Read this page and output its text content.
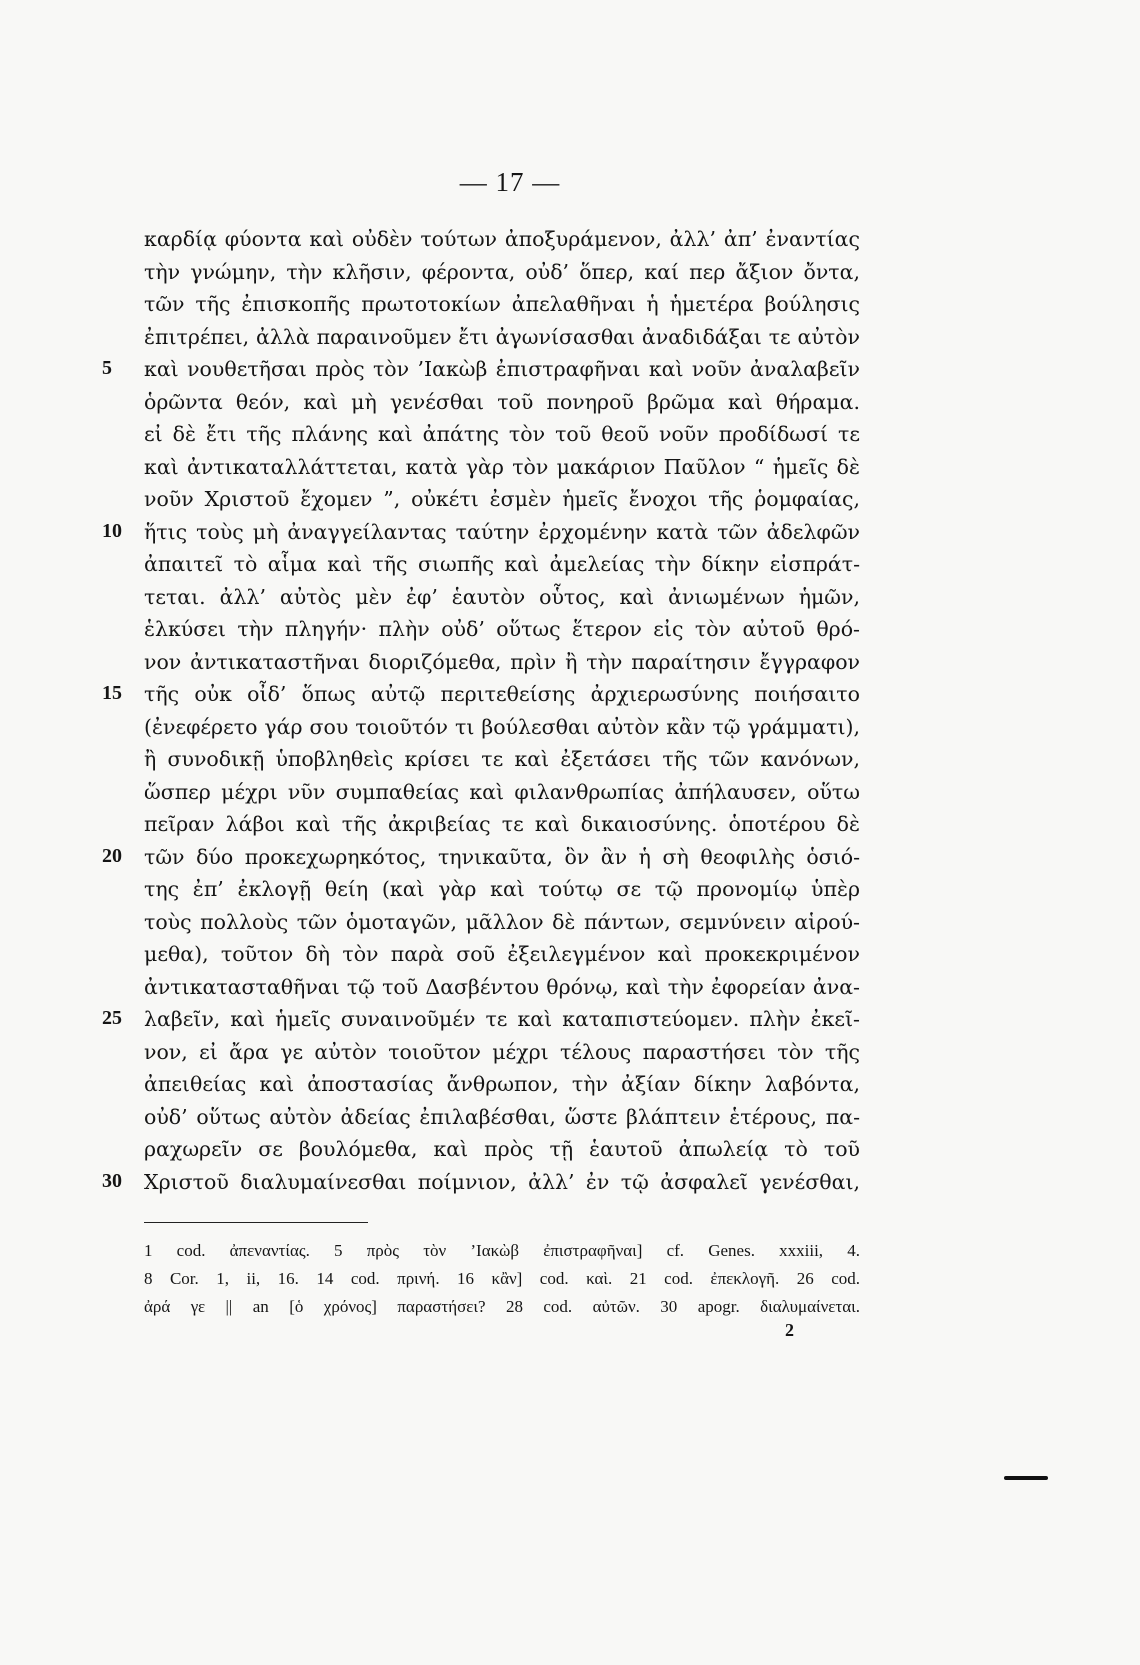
— 17 —
καρδίᾳ φύοντα καὶ οὐδὲν τούτων ἀποξυράμενον, ἀλλ’ ἀπ’ ἐναντίας
τὴν γνώμην, τὴν κλῆσιν, φέροντα, οὐδ’ ὅπερ, καί περ ἄξιον ὄντα,
τῶν τῆς ἐπισκοπῆς πρωτοτοκίων ἀπελαθῆναι ἡ ἡμετέρα βούλησις
ἐπιτρέπει, ἀλλὰ παραινοῦμεν ἔτι ἀγωνίσασθαι ἀναδιδάξαι τε αὐτὸν
5 καὶ νουθετῆσαι πρὸς τὸν ’Ιακὼβ ἐπιστραφῆναι καὶ νοῦν ἀναλαβεῖν
ὁρῶντα θεόν, καὶ μὴ γενέσθαι τοῦ πονηροῦ βρῶμα καὶ θήραμα.
εἰ δὲ ἔτι τῆς πλάνης καὶ ἀπάτης τὸν τοῦ θεοῦ νοῦν προδίδωσί τε
καὶ ἀντικαταλλάττεται, κατὰ γὰρ τὸν μακάριον Παῦλον “ ἡμεῖς δὲ
νοῦν Χριστοῦ ἔχομεν ”, οὐκέτι ἐσμὲν ἡμεῖς ἔνοχοι τῆς ῥομφαίας,
10 ἥτις τοὺς μὴ ἀναγγείλαντας ταύτην ἐρχομένην κατὰ τῶν ἀδελφῶν
ἀπαιτεῖ τὸ αἷμα καὶ τῆς σιωπῆς καὶ ἀμελείας τὴν δίκην εἰσπράτ-
τεται. ἀλλ’ αὐτὸς μὲν ἐφ’ ἑαυτὸν οὗτος, καὶ ἀνιωμένων ἡμῶν,
ἑλκύσει τὴν πληγήν· πλὴν οὐδ’ οὕτως ἕτερον εἰς τὸν αὐτοῦ θρό-
νον ἀντικαταστῆναι διοριζόμεθα, πρὶν ἢ τὴν παραίτησιν ἔγγραφον
15 τῆς οὐκ οἶδ’ ὅπως αὐτῷ περιτεθείσης ἀρχιερωσύνης ποιήσαιτο
(ἐνεφέρετο γάρ σου τοιοῦτόν τι βούλεσθαι αὐτὸν κἂν τῷ γράμματι),
ἢ συνοδικῇ ὑποβληθεὶς κρίσει τε καὶ ἐξετάσει τῆς τῶν κανόνων,
ὥσπερ μέχρι νῦν συμπαθείας καὶ φιλανθρωπίας ἀπήλαυσεν, οὕτω
πεῖραν λάβοι καὶ τῆς ἀκριβείας τε καὶ δικαιοσύνης. ὁποτέρου δὲ
20 τῶν δύο προκεχωρηκότος, τηνικαῦτα, ὃν ἂν ἡ σὴ θεοφιλὴς ὁσιό-
της ἐπ’ ἐκλογῇ θείη (καὶ γὰρ καὶ τούτῳ σε τῷ προνομίῳ ὑπὲρ
τοὺς πολλοὺς τῶν ὁμοταγῶν, μᾶλλον δὲ πάντων, σεμνύνειν αἱρού-
μεθα), τοῦτον δὴ τὸν παρὰ σοῦ ἐξειλεγμένον καὶ προκεκριμένον
ἀντικατασταθῆναι τῷ τοῦ Δασβέντου θρόνῳ, καὶ τὴν ἐφορείαν ἀνα-
25 λαβεῖν, καὶ ἡμεῖς συναινοῦμέν τε καὶ καταπιστεύομεν. πλὴν ἐκεῖ-
νον, εἰ ἄρα γε αὐτὸν τοιοῦτον μέχρι τέλους παραστήσει τὸν τῆς
ἀπειθείας καὶ ἀποστασίας ἄνθρωπον, τὴν ἀξίαν δίκην λαβόντα,
οὐδ’ οὕτως αὐτὸν ἀδείας ἐπιλαβέσθαι, ὥστε βλάπτειν ἑτέρους, πα-
ραχωρεῖν σε βουλόμεθα, καὶ πρὸς τῇ ἑαυτοῦ ἀπωλείᾳ τὸ τοῦ
30 Χριστοῦ διαλυμαίνεσθαι ποίμνιον, ἀλλ’ ἐν τῷ ἀσφαλεῖ γενέσθαι,
1 cod. ἀπεναντίας. 5 πρὸς τὸν ’Ιακὼβ ἐπιστραφῆναι] cf. Genes. xxxiii, 4.
8 Cor. 1, ii, 16. 14 cod. πρινή. 16 κἂν] cod. καὶ. 21 cod. ἐπεκλογῆ. 26 cod.
ἀρά γε || an [ὁ χρόνος] παραστήσει? 28 cod. αὐτῶν. 30 apogr. διαλυμαίνεται.
2
